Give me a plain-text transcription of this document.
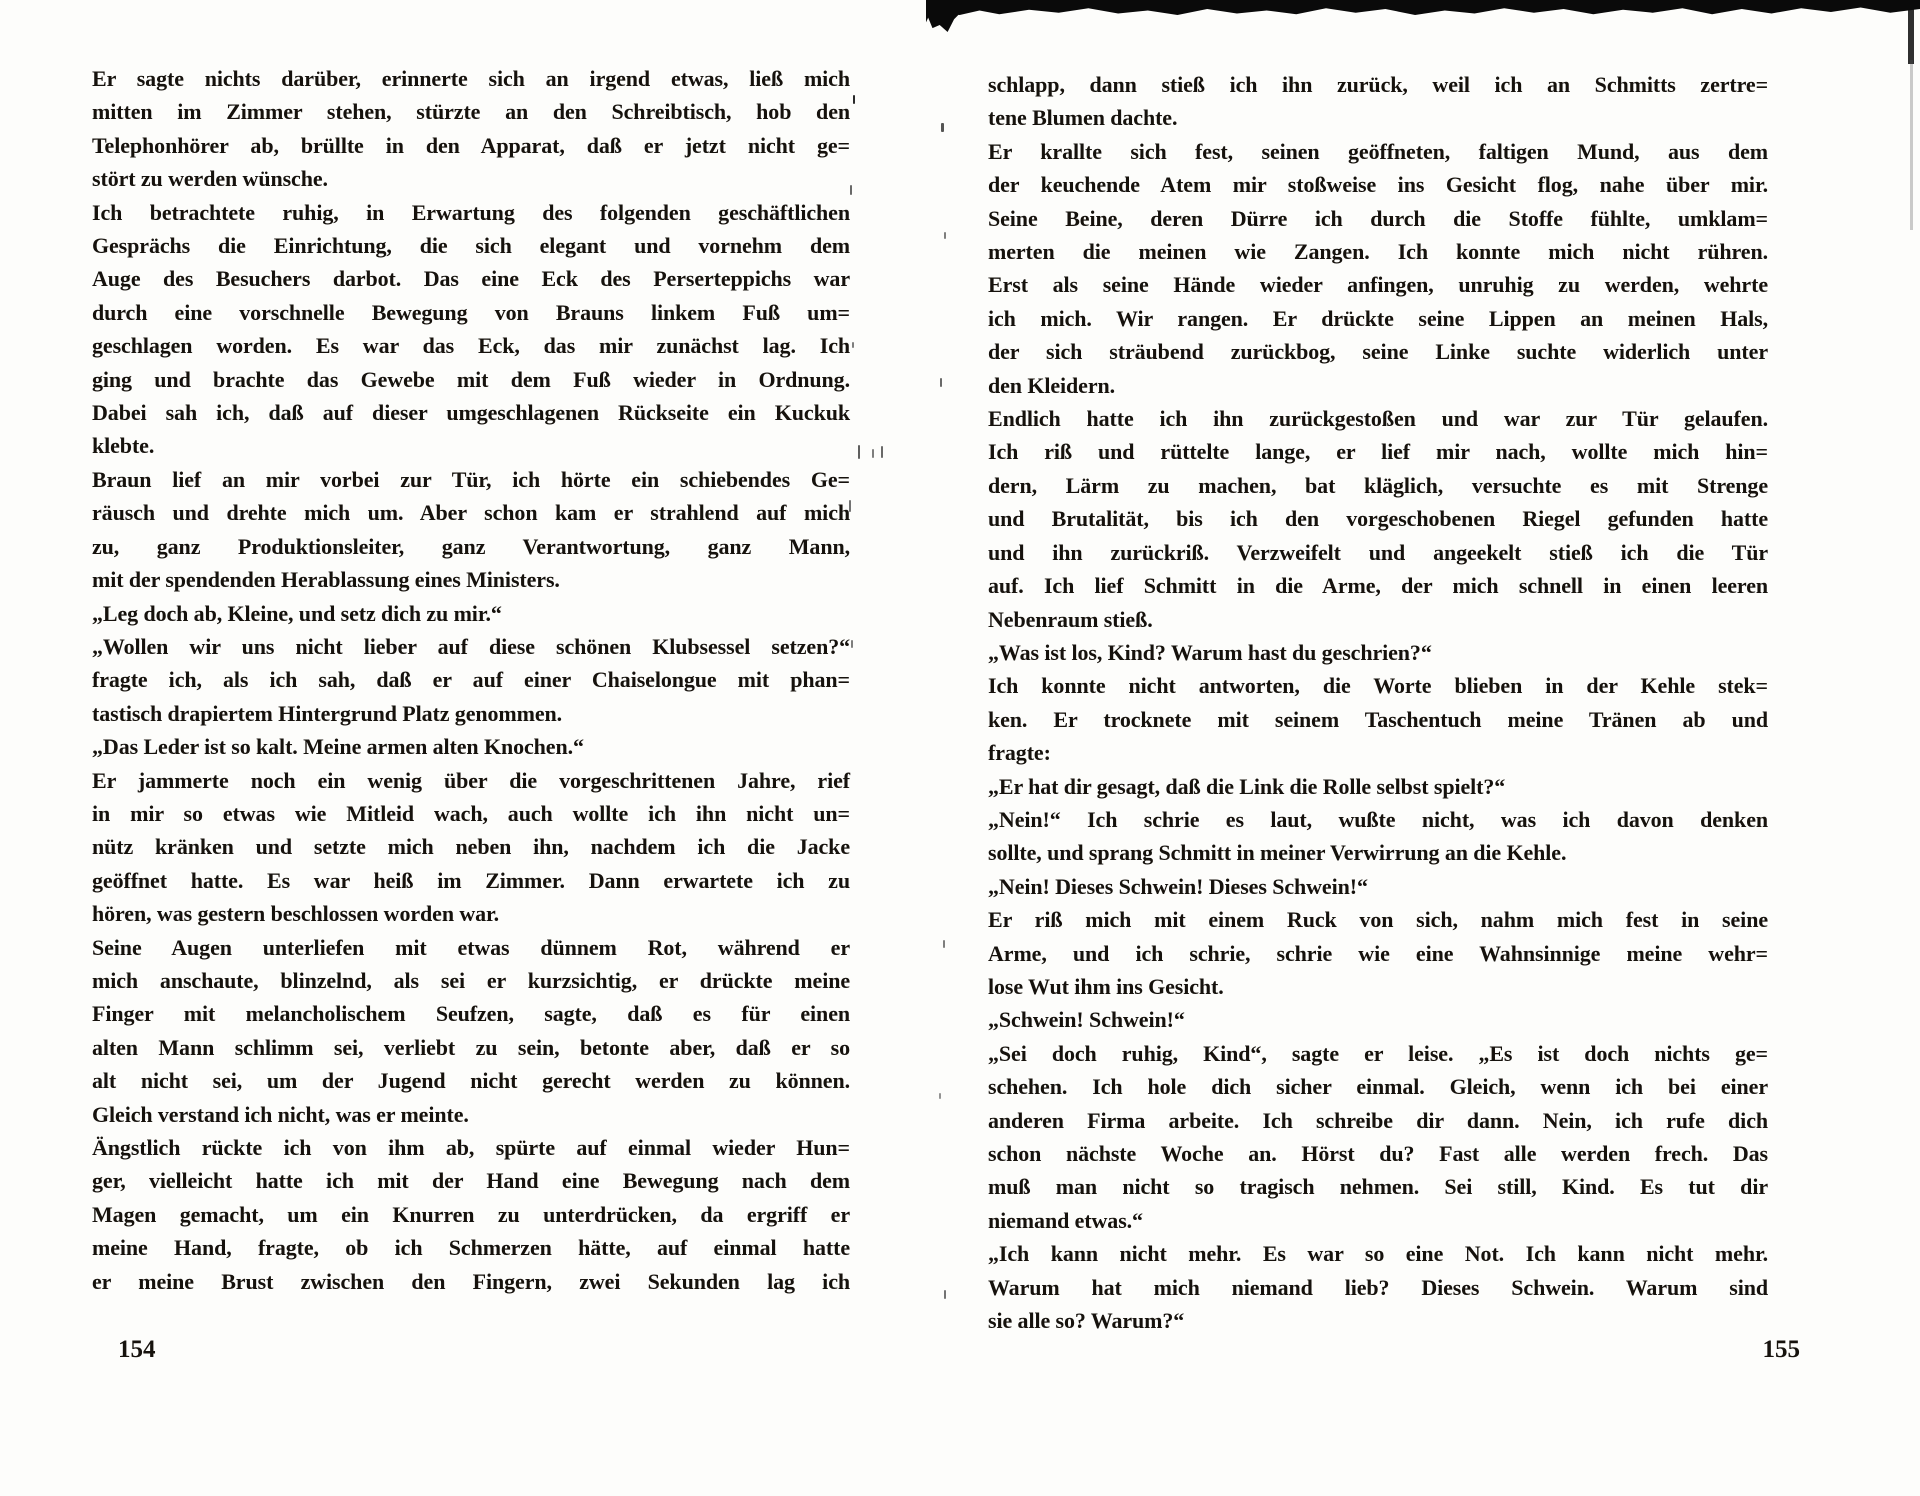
Er sagte nichts darüber, erinnerte sich an irgend etwas, ließ mich
mitten im Zimmer stehen, stürzte an den Schreibtisch, hob den
Telephonhörer ab, brüllte in den Apparat, daß er jetzt nicht ge=
stört zu werden wünsche.
Ich betrachtete ruhig, in Erwartung des folgenden geschäftlichen
Gesprächs die Einrichtung, die sich elegant und vornehm dem
Auge des Besuchers darbot. Das eine Eck des Perserteppichs war
durch eine vorschnelle Bewegung von Brauns linkem Fuß um=
geschlagen worden. Es war das Eck, das mir zunächst lag. Ich
ging und brachte das Gewebe mit dem Fuß wieder in Ordnung.
Dabei sah ich, daß auf dieser umgeschlagenen Rückseite ein Kuckuk
klebte.
Braun lief an mir vorbei zur Tür, ich hörte ein schiebendes Ge=
räusch und drehte mich um. Aber schon kam er strahlend auf mich
zu, ganz Produktionsleiter, ganz Verantwortung, ganz Mann,
mit der spendenden Herablassung eines Ministers.
„Leg doch ab, Kleine, und setz dich zu mir.“
„Wollen wir uns nicht lieber auf diese schönen Klubsessel setzen?“
fragte ich, als ich sah, daß er auf einer Chaiselongue mit phan=
tastisch drapiertem Hintergrund Platz genommen.
„Das Leder ist so kalt. Meine armen alten Knochen.“
Er jammerte noch ein wenig über die vorgeschrittenen Jahre, rief
in mir so etwas wie Mitleid wach, auch wollte ich ihn nicht un=
nütz kränken und setzte mich neben ihn, nachdem ich die Jacke
geöffnet hatte. Es war heiß im Zimmer. Dann erwartete ich zu
hören, was gestern beschlossen worden war.
Seine Augen unterliefen mit etwas dünnem Rot, während er
mich anschaute, blinzelnd, als sei er kurzsichtig, er drückte meine
Finger mit melancholischem Seufzen, sagte, daß es für einen
alten Mann schlimm sei, verliebt zu sein, betonte aber, daß er so
alt nicht sei, um der Jugend nicht gerecht werden zu können.
Gleich verstand ich nicht, was er meinte.
Ängstlich rückte ich von ihm ab, spürte auf einmal wieder Hun=
ger, vielleicht hatte ich mit der Hand eine Bewegung nach dem
Magen gemacht, um ein Knurren zu unterdrücken, da ergriff er
meine Hand, fragte, ob ich Schmerzen hätte, auf einmal hatte
er meine Brust zwischen den Fingern, zwei Sekunden lag ich
schlapp, dann stieß ich ihn zurück, weil ich an Schmitts zertre=
tene Blumen dachte.
Er krallte sich fest, seinen geöffneten, faltigen Mund, aus dem
der keuchende Atem mir stoßweise ins Gesicht flog, nahe über mir.
Seine Beine, deren Dürre ich durch die Stoffe fühlte, umklam=
merten die meinen wie Zangen. Ich konnte mich nicht rühren.
Erst als seine Hände wieder anfingen, unruhig zu werden, wehrte
ich mich. Wir rangen. Er drückte seine Lippen an meinen Hals,
der sich sträubend zurückbog, seine Linke suchte widerlich unter
den Kleidern.
Endlich hatte ich ihn zurückgestoßen und war zur Tür gelaufen.
Ich riß und rüttelte lange, er lief mir nach, wollte mich hin=
dern, Lärm zu machen, bat kläglich, versuchte es mit Strenge
und Brutalität, bis ich den vorgeschobenen Riegel gefunden hatte
und ihn zurückriß. Verzweifelt und angeekelt stieß ich die Tür
auf. Ich lief Schmitt in die Arme, der mich schnell in einen leeren
Nebenraum stieß.
„Was ist los, Kind? Warum hast du geschrien?“
Ich konnte nicht antworten, die Worte blieben in der Kehle stek=
ken. Er trocknete mit seinem Taschentuch meine Tränen ab und
fragte:
„Er hat dir gesagt, daß die Link die Rolle selbst spielt?“
„Nein!“ Ich schrie es laut, wußte nicht, was ich davon denken
sollte, und sprang Schmitt in meiner Verwirrung an die Kehle.
„Nein! Dieses Schwein! Dieses Schwein!“
Er riß mich mit einem Ruck von sich, nahm mich fest in seine
Arme, und ich schrie, schrie wie eine Wahnsinnige meine wehr=
lose Wut ihm ins Gesicht.
„Schwein! Schwein!“
„Sei doch ruhig, Kind“, sagte er leise. „Es ist doch nichts ge=
schehen. Ich hole dich sicher einmal. Gleich, wenn ich bei einer
anderen Firma arbeite. Ich schreibe dir dann. Nein, ich rufe dich
schon nächste Woche an. Hörst du? Fast alle werden frech. Das
muß man nicht so tragisch nehmen. Sei still, Kind. Es tut dir
niemand etwas.“
„Ich kann nicht mehr. Es war so eine Not. Ich kann nicht mehr.
Warum hat mich niemand lieb? Dieses Schwein. Warum sind
sie alle so? Warum?“
154	155
